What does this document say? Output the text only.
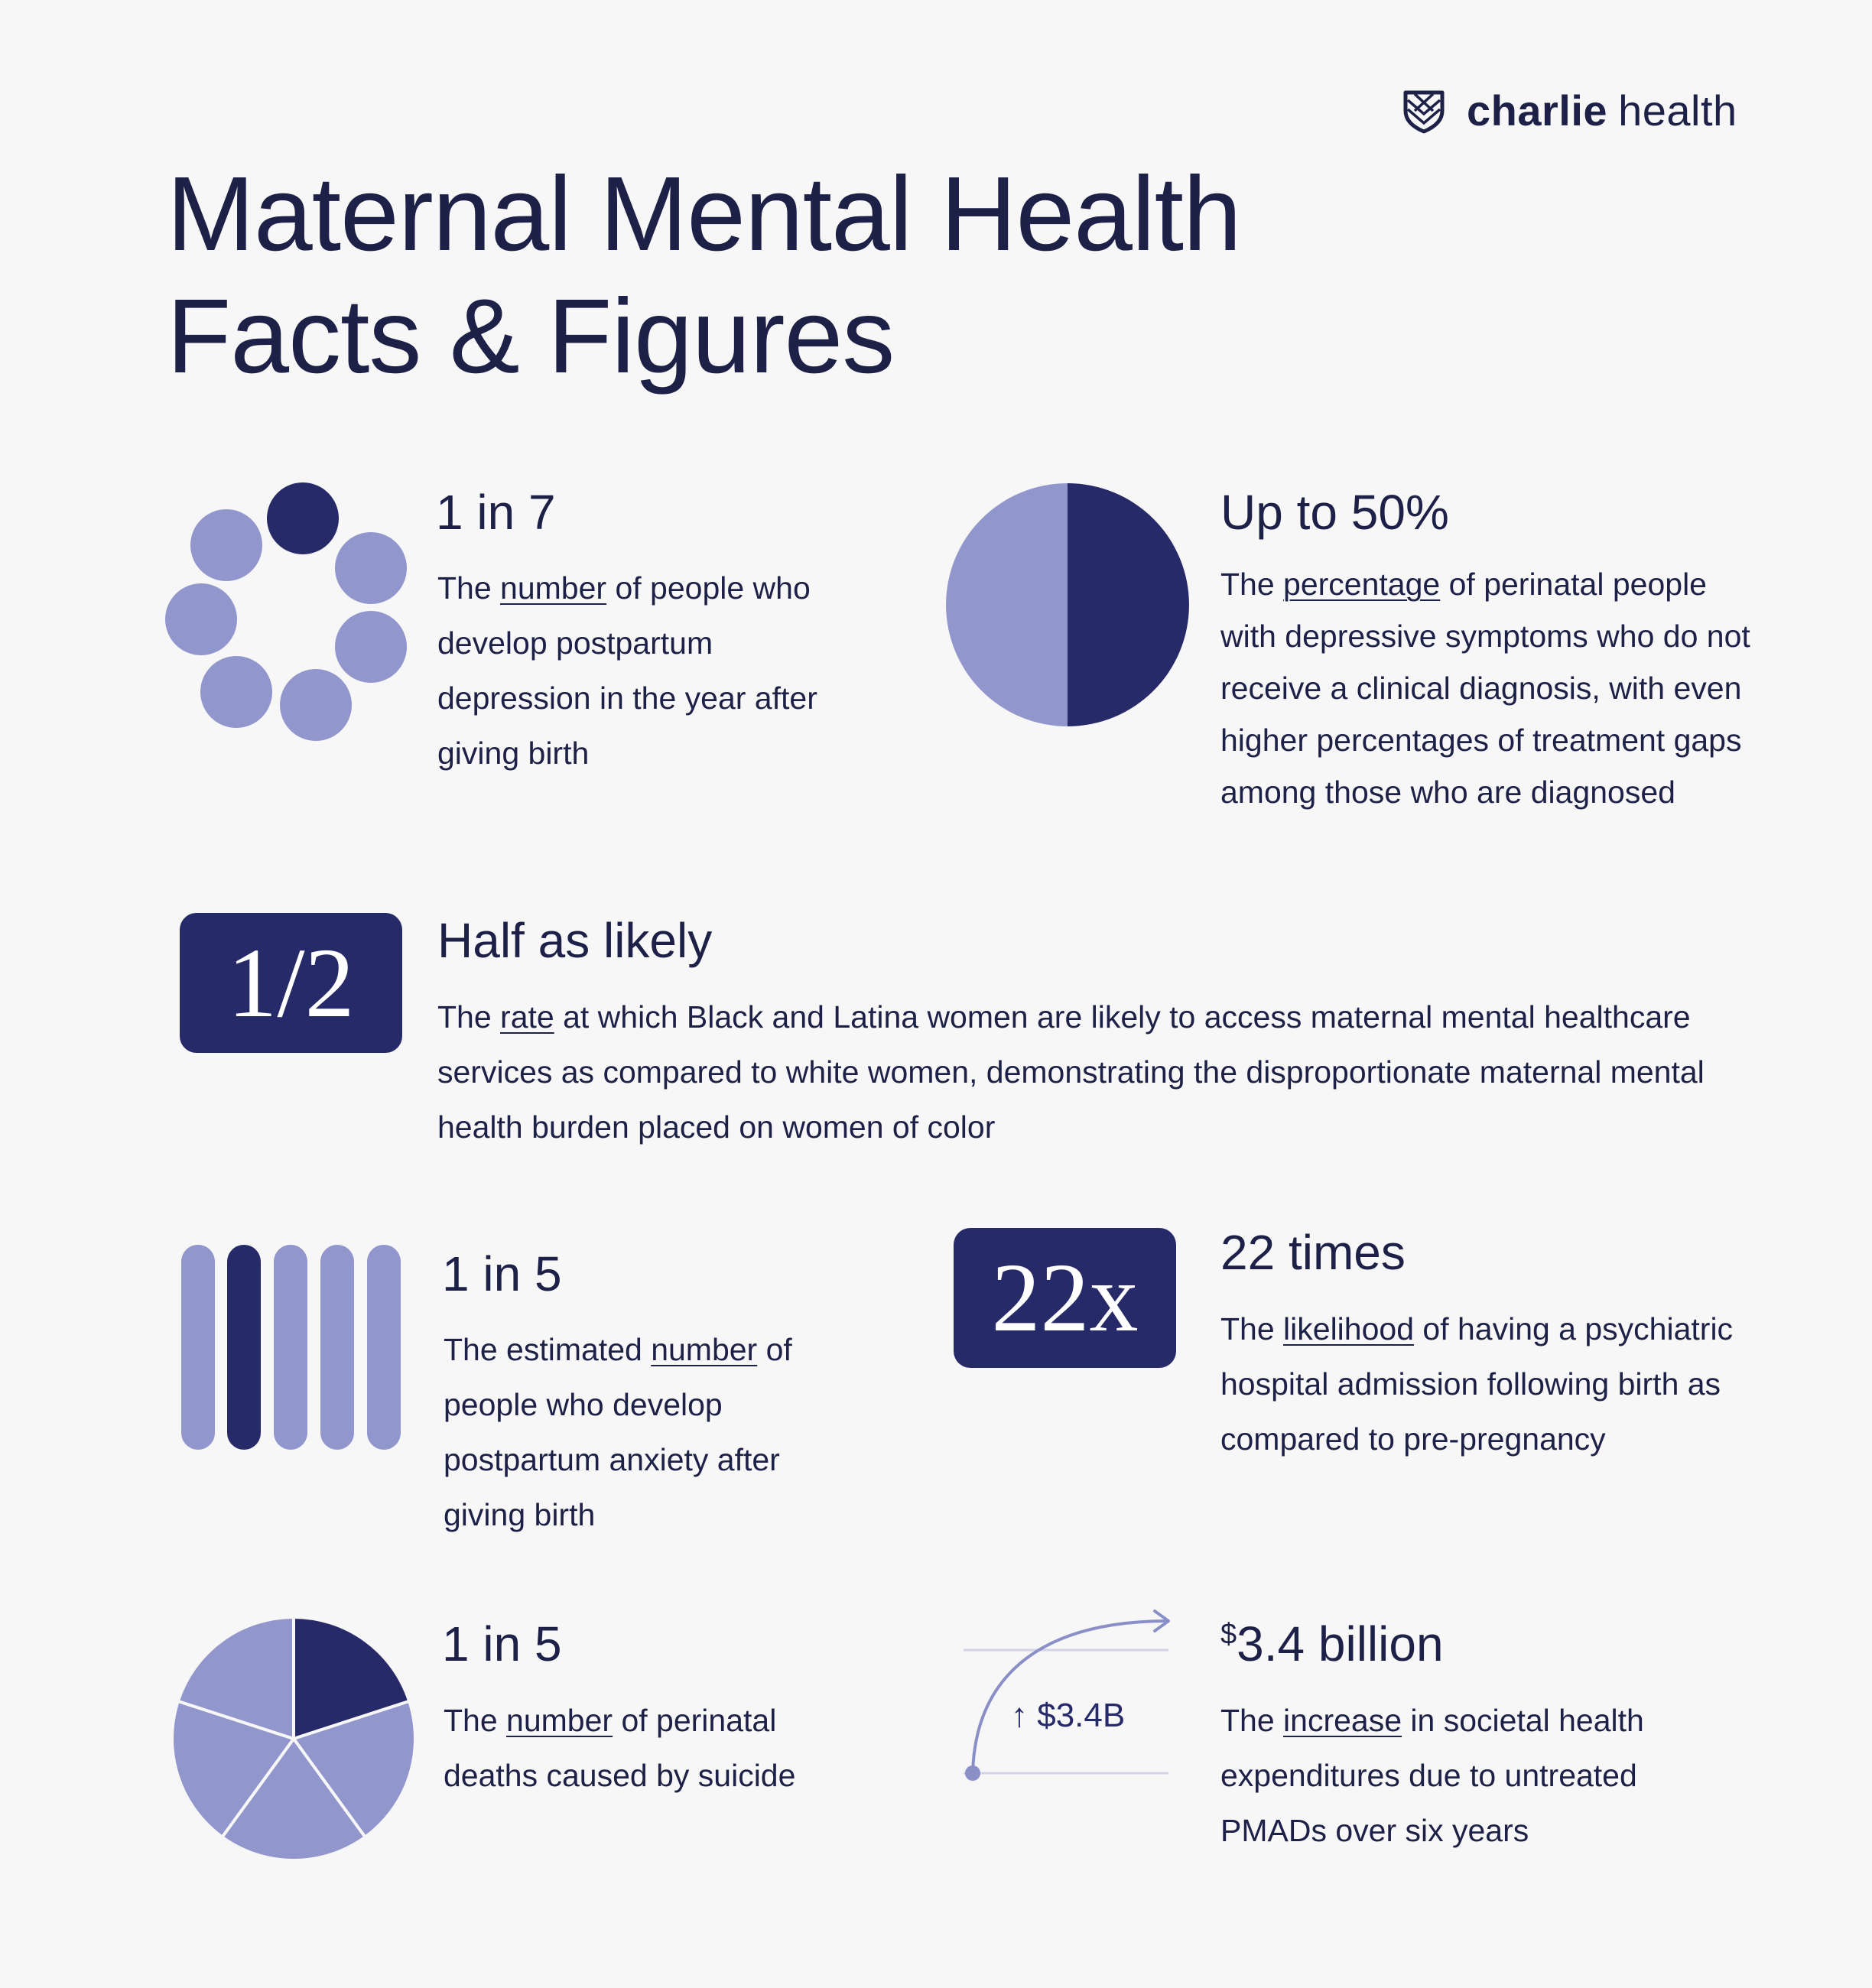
charlie health
Maternal Mental Health
Facts & Figures
1 in 7
The number of people who develop postpartum depression in the year after giving birth
Up to 50%
The percentage of perinatal people with depressive symptoms who do not receive a clinical diagnosis, with even higher percentages of treatment gaps among those who are diagnosed
1/2	Half as likely
The rate at which Black and Latina women are likely to access maternal mental healthcare services as compared to white women, demonstrating the disproportionate maternal mental health burden placed on women of color
1 in 5
The estimated number of people who develop postpartum anxiety after giving birth
22x	22 times
The likelihood of having a psychiatric hospital admission following birth as compared to pre-pregnancy
1 in 5
The number of perinatal deaths caused by suicide
↑ $3.4B
$3.4 billion
The increase in societal health expenditures due to untreated PMADs over six years
